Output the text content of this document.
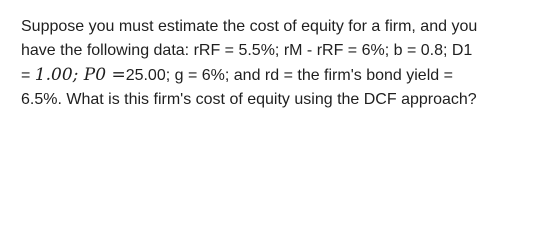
Suppose you must estimate the cost of equity for a firm, and you
have the following data: rRF = 5.5%; rM - rRF = 6%; b = 0.8; D1
= 1.00; P0 =25.00; g = 6%; and rd = the firm's bond yield =
6.5%. What is this firm's cost of equity using the DCF approach?
